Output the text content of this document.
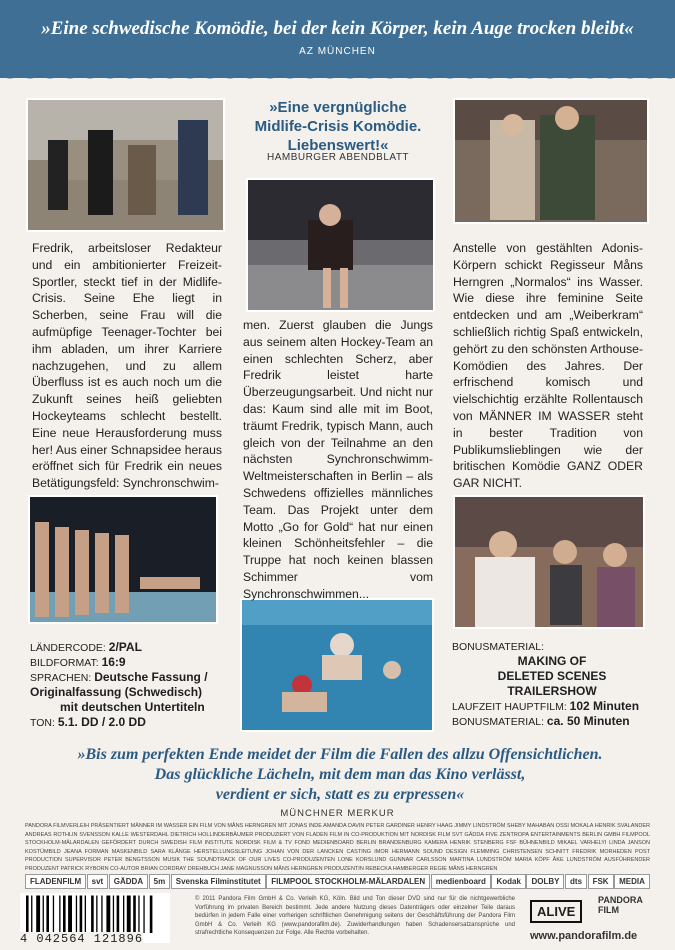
»Eine schwedische Komödie, bei der kein Körper, kein Auge trocken bleibt«
AZ MÜNCHEN
»Eine vergnügliche
Midlife-Crisis Komödie.
Liebenswert!«
HAMBURGER ABENDBLATT
Fredrik, arbeitsloser Redakteur und ein ambitionierter Freizeit-Sportler, steckt tief in der Midlife-Crisis. Seine Ehe liegt in Scherben, seine Frau will die aufmüpfige Teenager-Tochter bei ihm abladen, um ihrer Karriere nachzugehen, und zu allem Überfluss ist es auch noch um die Zukunft seines heiß geliebten Hockeyteams schlecht bestellt. Eine neue Herausforderung muss her! Aus einer Schnapsidee heraus eröffnet sich für Fredrik ein neues Betätigungsfeld: Synchronschwim-
men. Zuerst glauben die Jungs aus seinem alten Hockey-Team an einen schlechten Scherz, aber Fredrik leistet harte Überzeugungsarbeit. Und nicht nur das: Kaum sind alle mit im Boot, träumt Fredrik, typisch Mann, auch gleich von der Teilnahme an den nächsten Synchronschwimm-Weltmeisterschaften in Berlin – als Schwedens offizielles männliches Team. Das Projekt unter dem Motto „Go for Gold“ hat nur einen kleinen Schönheitsfehler – die Truppe hat noch keinen blassen Schimmer vom Synchronschwimmen...
Anstelle von gestählten Adonis-Körpern schickt Regisseur Måns Herngren „Normalos“ ins Wasser. Wie diese ihre feminine Seite entdecken und am „Weiberkram“ schließlich richtig Spaß entwickeln, gehört zu den schönsten Arthouse-Komödien des Jahres. Der erfrischend komisch und vielschichtig erzählte Rollentausch von MÄNNER IM WASSER steht in bester Tradition von Publikumslieblingen wie der britischen Komödie GANZ ODER GAR NICHT.
LÄNDERCODE: 2/PAL
BILDFORMAT: 16:9
SPRACHEN: Deutsche Fassung /
Originalfassung (Schwedisch)
mit deutschen Untertiteln
TON: 5.1. DD / 2.0 DD
BONUSMATERIAL:
MAKING OF
DELETED SCENES
TRAILERSHOW
LAUFZEIT HAUPTFILM: 102 Minuten
BONUSMATERIAL: ca. 50 Minuten
»Bis zum perfekten Ende meidet der Film die Fallen des allzu Offensichtlichen.
Das glückliche Lächeln, mit dem man das Kino verlässt,
verdient er sich, statt es zu erpressen«
MÜNCHNER MERKUR
PANDORA FILMVERLEIH PRÄSENTIERT MÄNNER IM WASSER EIN FILM VON MÅNS HERNGREN MIT JONAS INDE AMANDA DAVIN PETER GARDINER HENRY HAAG JIMMY LINDSTRÖM SHEBY MAHABAN OSSI MOKALA HENRIK SVALANDER ANDREAS ROTHLIN SVENSSON KALLE WESTERDAHL DIETRICH HOLLINDERBÄUMER PRODUZIERT VON FLADEN FILM IN CO-PRODUKTION MIT NORDISK FILM SVT GÄDDA FIVE ZENTROPA ENTERTAINMENTS BERLIN GMBH FILMPOOL STOCKHOLM-MÄLARDALEN GEFÖRDERT DURCH SWEDISH FILM INSTITUTE NORDISK FILM & TV FOND MEDIENBOARD BERLIN BRANDENBURG KAMERA HENRIK STENBERG FSF BÜHNENBILD MIKAEL VARHELYI LINDA JANSON KOSTÜMBILD JEANA FORMAN MASKENBILD SARA KLÄNGE HERSTELLUNGSLEITUNG JOHAN VON DER LANCKEN CASTING IMOR HERMANN SOUND DESIGN FLEMMING CHRISTENSEN SCHNITT FREDRIK MORHEDEN POST PRODUCTION SUPERVISOR PETER BENGTSSON MUSIK THE SOUNDTRACK OF OUR LIVES CO-PRODUZENTEN LONE KORSLUND GUNNAR CARLSSON MARTINA LUNDSTRÖM MARIA KÖPF ÅKE LUNDSTRÖM AUSFÜHRENDER PRODUZENT PATRICK RYBORN CO-AUTOR BRIAN CORDRAY DREHBUCH JANE MAGNUSSON MÅNS HERNGREN PRODUZENTIN REBECKA HAMBERGER REGIE MÅNS HERNGREN
FLADENFILM	svt	GÄDDA	5m	Svenska Filminstitutet	FILMPOOL STOCKHOLM-MÄLARDALEN	medienboard	Kodak	DOLBY	dts	FSK	MEDIA
4 042564 121896
© 2011 Pandora Film GmbH & Co. Verleih KG, Köln. Bild und Ton dieser DVD sind nur für die nichtgewerbliche Vorführung im privaten Bereich bestimmt. Jede andere Nutzung dieses Datenträgers oder einzelner Teile daraus bedürfen in jedem Falle einer vorherigen schriftlichen Genehmigung seitens der Geschäftsführung der Pandora Film GmbH & Co. Verleih KG (www.pandorafilm.de). Zuwiderhandlungen haben Schadensersatzansprüche und strafrechtliche Konsequenzen zur Folge. Alle Rechte vorbehalten.
ALIVE
PANDORA
FILM
www.pandorafilm.de
